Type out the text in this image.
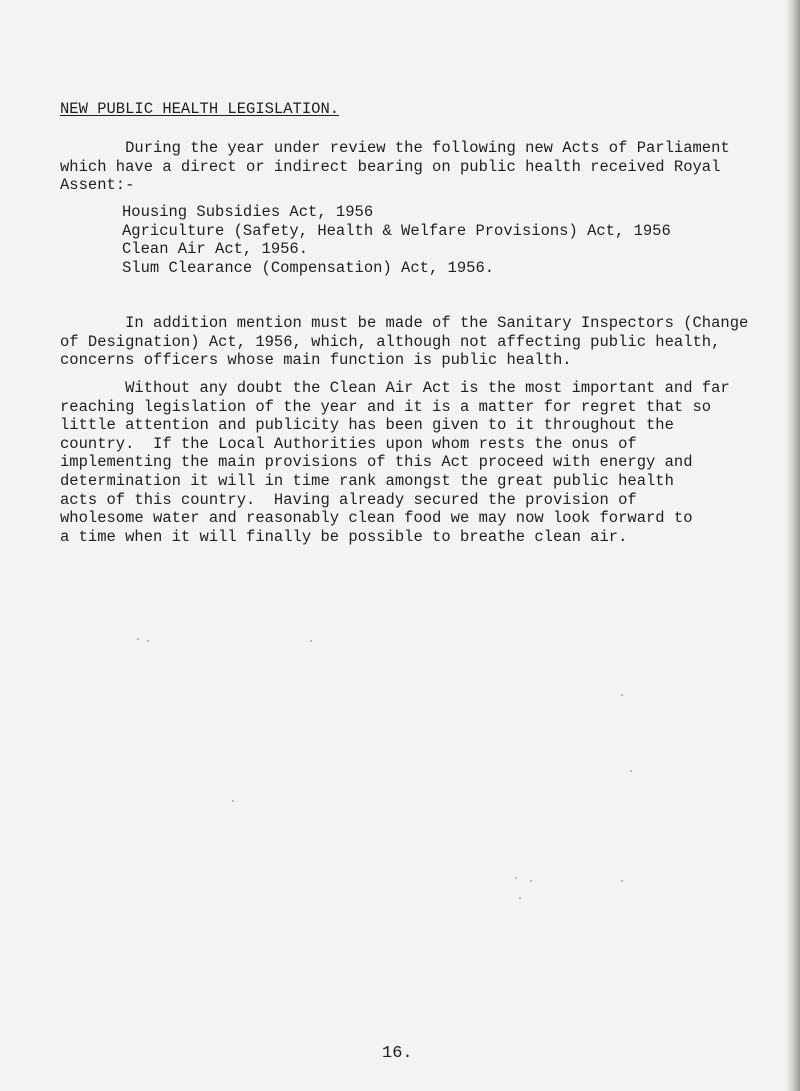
NEW PUBLIC HEALTH LEGISLATION.

During the year under review the following new Acts of Parliament
which have a direct or indirect bearing on public health received Royal
Assent:-

Housing Subsidies Act, 1956
Agriculture (Safety, Health & Welfare Provisions) Act, 1956
Clean Air Act, 1956.
Slum Clearance (Compensation) Act, 1956.

In addition mention must be made of the Sanitary Inspectors (Change
of Designation) Act, 1956, which, although not affecting public health,
concerns officers whose main function is public health.

Without any doubt the Clean Air Act is the most important and far
reaching legislation of the year and it is a matter for regret that so
little attention and publicity has been given to it throughout the
country.  If the Local Authorities upon whom rests the onus of
implementing the main provisions of this Act proceed with energy and
determination it will in time rank amongst the great public health
acts of this country.  Having already secured the provision of
wholesome water and reasonably clean food we may now look forward to
a time when it will finally be possible to breathe clean air.

16.
